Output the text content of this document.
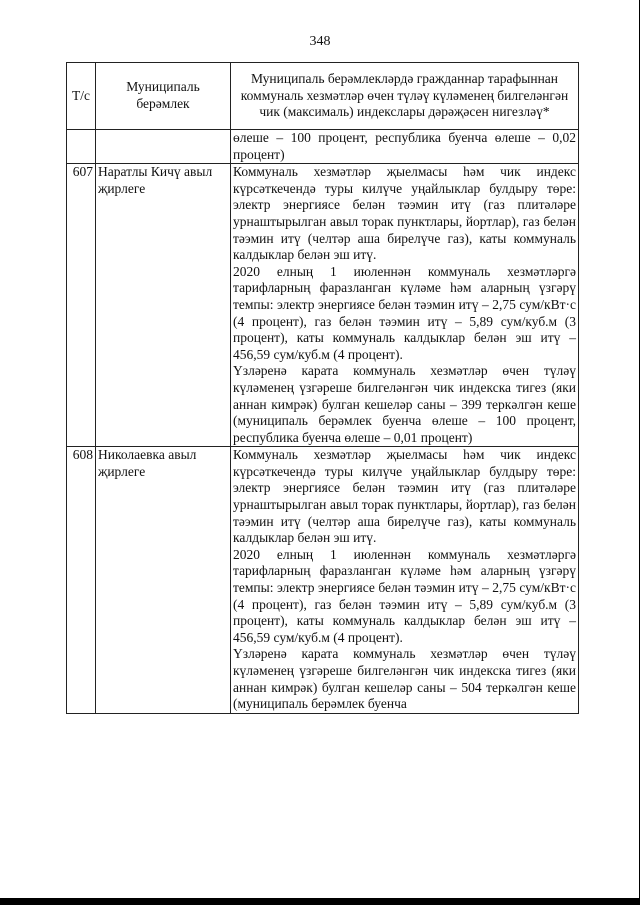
348
Т/с	Муниципаль берәмлек	Муниципаль берәмлекләрдә гражданнар тарафыннан коммуналь хезмәтләр өчен түләү күләменең билгеләнгән чик (максималь) индекслары дәрәҗәсен нигезләү*

		өлеше – 100 процент, республика буенча өлеше – 0,02 процент)

607	Наратлы Кичү авыл җирлеге	Коммуналь хезмәтләр җыелмасы һәм чик индекс күрсәткечендә туры килүче уңайлыклар булдыру төре: электр энергиясе белән тәэмин итү (газ плитәләре урнаштырылган авыл торак пунктлары, йортлар), газ белән тәэмин итү (челтәр аша бирелүче газ), каты коммуналь калдыклар белән эш итү.

2020 елның 1 июленнән коммуналь хезмәтләргә тарифларның фаразланган күләме һәм аларның үзгәрү темпы: электр энергиясе белән тәэмин итү – 2,75 сум/кВт·с (4 процент), газ белән тәэмин итү – 5,89 сум/куб.м (3 процент), каты коммуналь калдыклар белән эш итү – 456,59 сум/куб.м (4 процент).

Үзләренә карата коммуналь хезмәтләр өчен түләү күләменең үзгәреше билгеләнгән чик индекска тигез (яки аннан кимрәк) булган кешеләр саны – 399 теркәлгән кеше (муниципаль берәмлек буенча өлеше – 100 процент, республика буенча өлеше – 0,01 процент)

608	Николаевка авыл җирлеге	Коммуналь хезмәтләр җыелмасы һәм чик индекс күрсәткечендә туры килүче уңайлыклар булдыру төре: электр энергиясе белән тәэмин итү (газ плитәләре урнаштырылган авыл торак пунктлары, йортлар), газ белән тәэмин итү (челтәр аша бирелүче газ), каты коммуналь калдыклар белән эш итү.

2020 елның 1 июленнән коммуналь хезмәтләргә тарифларның фаразланган күләме һәм аларның үзгәрү темпы: электр энергиясе белән тәэмин итү – 2,75 сум/кВт·с (4 процент), газ белән тәэмин итү – 5,89 сум/куб.м (3 процент), каты коммуналь калдыклар белән эш итү – 456,59 сум/куб.м (4 процент).

Үзләренә карата коммуналь хезмәтләр өчен түләү күләменең үзгәреше билгеләнгән чик индекска тигез (яки аннан кимрәк) булган кешеләр саны – 504 теркәлгән кеше (муниципаль берәмлек буенча
